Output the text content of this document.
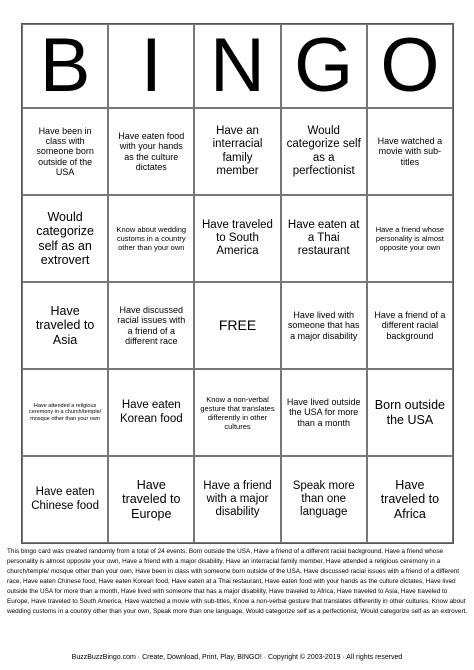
B I N G O
Have been in class with someone born outside of the USA
Have eaten food with your hands as the culture dictates
Have an interracial family member
Would categorize self as a perfectionist
Have watched a movie with sub-titles
Would categorize self as an extrovert
Know about wedding customs in a country other than your own
Have traveled to South America
Have eaten at a Thai restaurant
Have a friend whose personality is almost opposite your own
Have traveled to Asia
Have discussed racial issues with a friend of a different race
FREE
Have lived with someone that has a major disability
Have a friend of a different racial background
Have attended a religious ceremony in a church/temple/ mosque other than your own
Have eaten Korean food
Know a non-verbal gesture that translates differently in other cultures
Have lived outside the USA for more than a month
Born outside the USA
Have eaten Chinese food
Have traveled to Europe
Have a friend with a major disability
Speak more than one language
Have traveled to Africa

This bingo card was created randomly from a total of 24 events. Born outside the USA, Have a friend of a different racial background, Have a friend whose personality is almost opposite your own, Have a friend with a major disability, Have an interracial family member, Have attended a religious ceremony in a church/temple/ mosque other than your own, Have been in class with someone born outside of the USA, Have discussed racial issues with a friend of a different race, Have eaten Chinese food, Have eaten Korean food, Have eaten at a Thai restaurant, Have eaten food with your hands as the culture dictates, Have lived outside the USA for more than a month, Have lived with someone that has a major disability, Have traveled to Africa, Have traveled to Asia, Have traveled to Europe, Have traveled to South America, Have watched a movie with sub-titles, Know a non-verbal gesture that translates differently in other cultures, Know about wedding customs in a country other than your own, Speak more than one language, Would categorize self as a perfectionist, Would categorize self as an extrovert.

BuzzBuzzBingo.com · Create, Download, Print, Play, BINGO! · Copyright © 2003-2019 · All rights reserved
